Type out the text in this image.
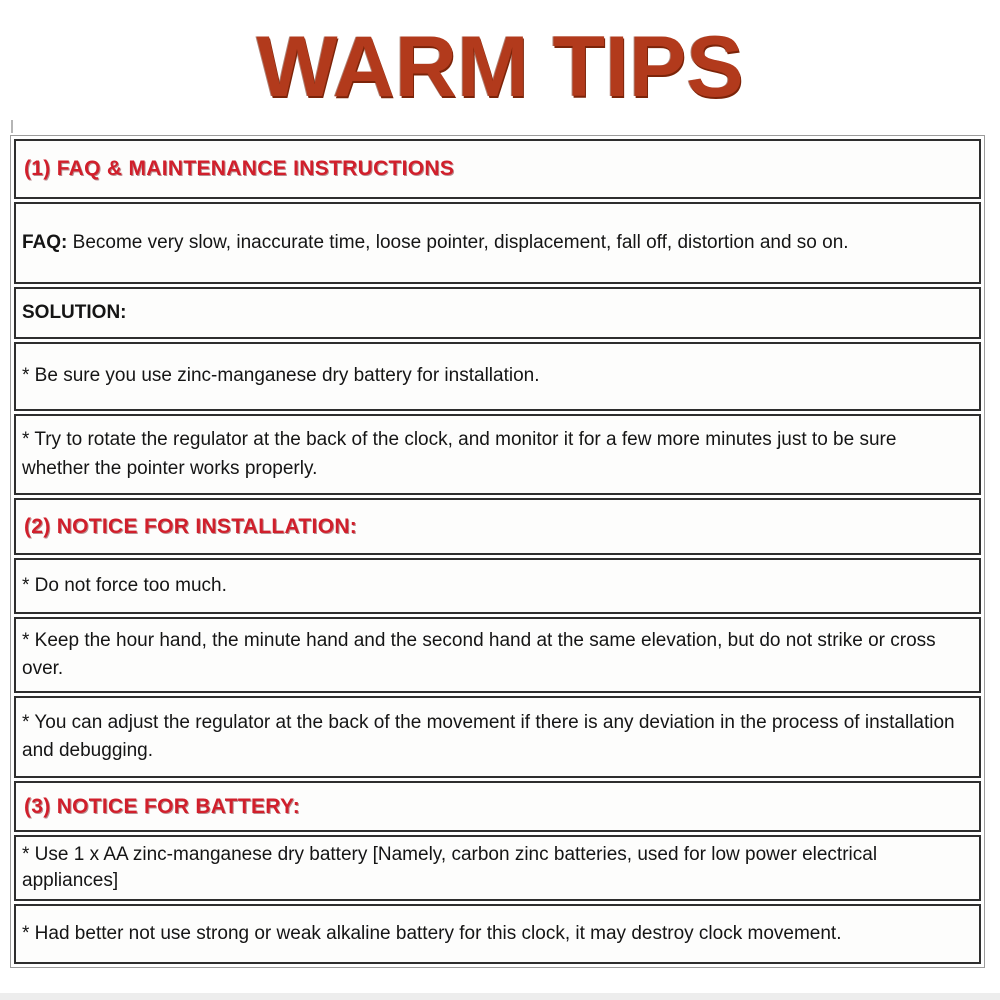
WARM TIPS

(1) FAQ & MAINTENANCE INSTRUCTIONS

FAQ: Become very slow, inaccurate time, loose pointer, displacement, fall off, distortion and so on.

SOLUTION:

* Be sure you use zinc-manganese dry battery for installation.

* Try to rotate the regulator at the back of the clock, and monitor it for a few more minutes just to be sure whether the pointer works properly.

(2) NOTICE FOR INSTALLATION:

* Do not force too much.

* Keep the hour hand, the minute hand and the second hand at the same elevation, but do not strike or cross over.

* You can adjust the regulator at the back of the movement if there is any deviation in the process of installation and debugging.

(3) NOTICE FOR BATTERY:

* Use 1 x AA zinc-manganese dry battery [Namely, carbon zinc batteries, used for low power electrical appliances]

* Had better not use strong or weak alkaline battery for this clock, it may destroy clock movement.
